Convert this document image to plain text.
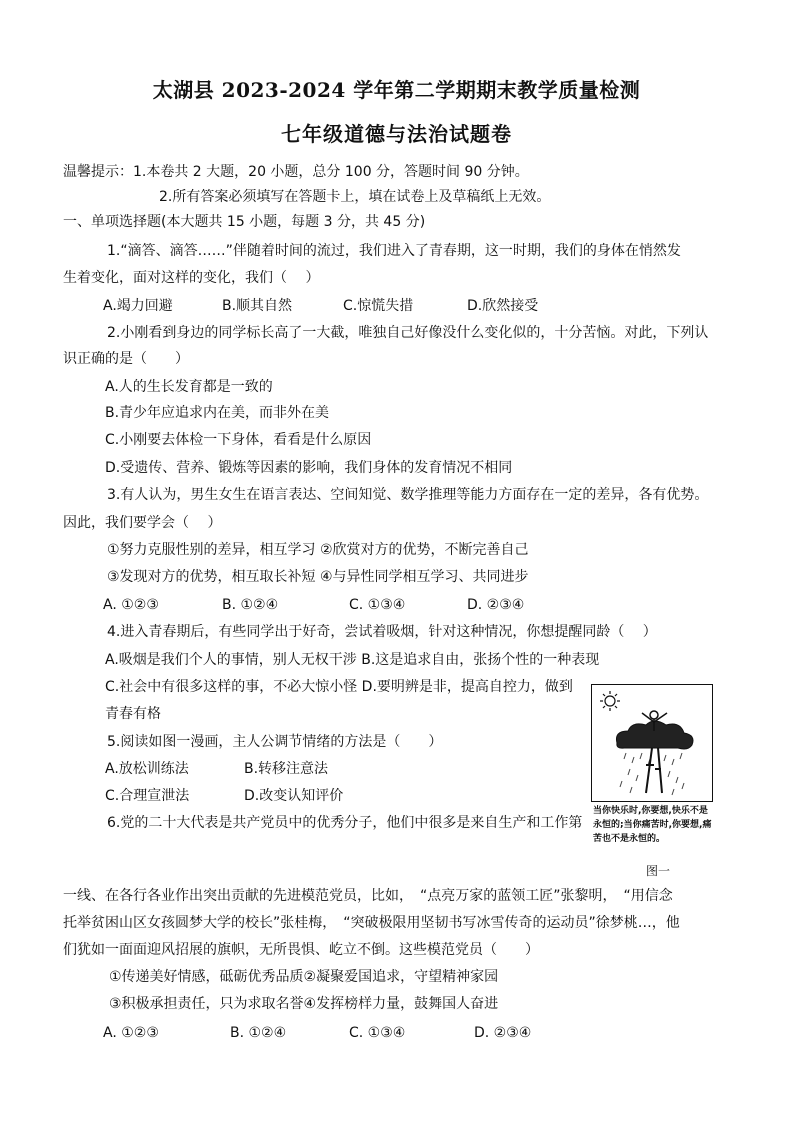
太湖县 2023-2024 学年第二学期期末教学质量检测
七年级道德与法治试题卷
温馨提示：1.本卷共 2 大题，20 小题，总分 100 分，答题时间 90 分钟。
2.所有答案必须填写在答题卡上，填在试卷上及草稿纸上无效。
一、单项选择题(本大题共 15 小题，每题 3 分，共 45 分)
1.“滴答、滴答……”伴随着时间的流过，我们进入了青春期，这一时期，我们的身体在悄然发
生着变化，面对这样的变化，我们（　 ）
A.竭力回避	B.顺其自然	C.惊慌失措	D.欣然接受
2.小刚看到身边的同学标长高了一大截，唯独自己好像没什么变化似的，十分苦恼。对此，下列认
识正确的是（　　）
A.人的生长发育都是一致的
B.青少年应追求内在美，而非外在美
C.小刚要去体检一下身体，看看是什么原因
D.受遗传、营养、锻炼等因素的影响，我们身体的发育情况不相同
3.有人认为，男生女生在语言表达、空间知觉、数学推理等能力方面存在一定的差异，各有优势。
因此，我们要学会（　 ）
①努力克服性别的差异，相互学习 ②欣赏对方的优势，不断完善自己
③发现对方的优势，相互取长补短 ④与异性同学相互学习、共同进步
A. ①②③	B. ①②④	C. ①③④	D. ②③④
4.进入青春期后，有些同学出于好奇，尝试着吸烟，针对这种情况，你想提醒同龄（　 ）
A.吸烟是我们个人的事情，别人无权干涉 B.这是追求自由，张扬个性的一种表现
C.社会中有很多这样的事，不必大惊小怪 D.要明辨是非，提高自控力，做到
青春有格
5.阅读如图一漫画，主人公调节情绪的方法是（　　）
A.放松训练法	B.转移注意法
C.合理宣泄法	D.改变认知评价
当你快乐时,你要想,快乐不是永恒的;当你痛苦时,你要想,痛苦也不是永恒的。
图一
6.党的二十大代表是共产党员中的优秀分子，他们中很多是来自生产和工作第
一线、在各行各业作出突出贡献的先进模范党员，比如，　“点亮万家的蓝领工匠”张黎明，　“用信念
托举贫困山区女孩圆梦大学的校长”张桂梅，　“突破极限用坚韧书写冰雪传奇的运动员”徐梦桃…，他
们犹如一面面迎风招展的旗帜，无所畏惧、屹立不倒。这些模范党员（　　）
①传递美好情感，砥砺优秀品质②凝聚爱国追求，守望精神家园
③积极承担责任，只为求取名誉④发挥榜样力量，鼓舞国人奋进
A. ①②③	B. ①②④	C. ①③④	D. ②③④
